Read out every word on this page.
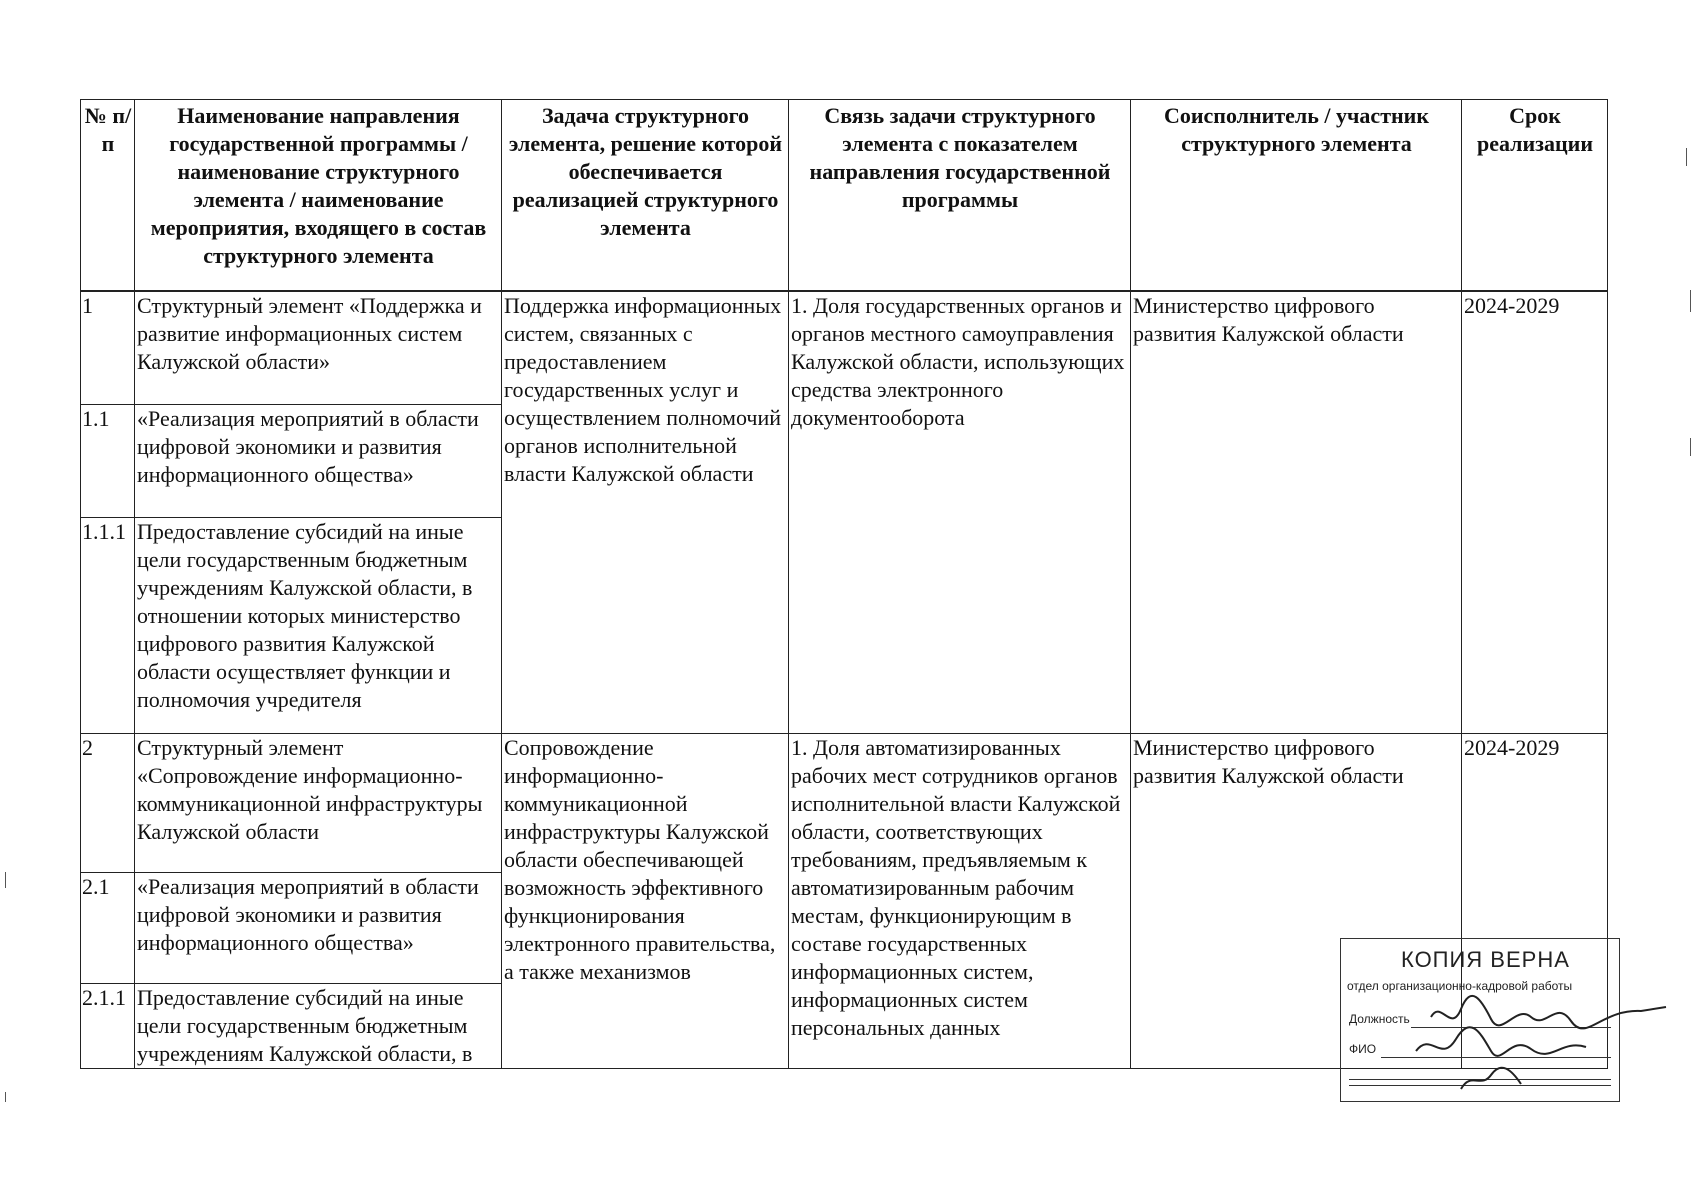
№ п/п	Наименование направления государственной программы / наименование структурного элемента / наименование мероприятия, входящего в состав структурного элемента	Задача структурного элемента, решение которой обеспечивается реализацией структурного элемента	Связь задачи структурного элемента с показателем направления государственной программы	Соисполнитель / участник структурного элемента	Срок реализации
1	Структурный элемент «Поддержка и развитие информационных систем Калужской области»	Поддержка информационных систем, связанных с предоставлением государственных услуг и осуществлением полномочий органов исполнительной власти Калужской области	1. Доля государственных органов и органов местного самоуправления Калужской области, использующих средства электронного документооборота	Министерство цифрового развития Калужской области	2024-2029
1.1	«Реализация мероприятий в области цифровой экономики и развития информационного общества»				
1.1.1	Предоставление субсидий на иные цели государственным бюджетным учреждениям Калужской области, в отношении которых министерство цифрового развития Калужской области осуществляет функции и полномочия учредителя				
2	Структурный элемент «Сопровождение информационно-коммуникационной инфраструктуры Калужской области	Сопровождение информационно-коммуникационной инфраструктуры Калужской области обеспечивающей возможность эффективного функционирования электронного правительства, а также механизмов	1. Доля автоматизированных рабочих мест сотрудников органов исполнительной власти Калужской области, соответствующих требованиям, предъявляемым к автоматизированным рабочим местам, функционирующим в составе государственных информационных систем, информационных систем персональных данных	Министерство цифрового развития Калужской области	2024-2029
2.1	«Реализация мероприятий в области цифровой экономики и развития информационного общества»				
2.1.1	Предоставление субсидий на иные цели государственным бюджетным учреждениям Калужской области, в				
КОПИЯ ВЕРНА
отдел организационно-кадровой работы
Должность
ФИО
